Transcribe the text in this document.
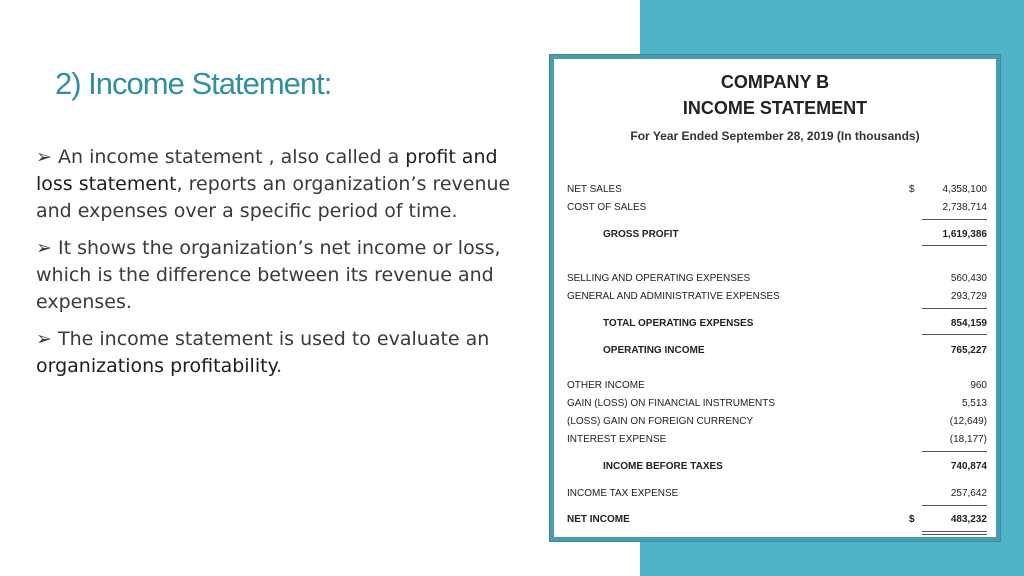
2) Income Statement:
➢ An income statement , also called a profit and loss statement, reports an organization’s revenue and expenses over a specific period of time.
➢ It shows the organization’s net income or loss, which is the difference between its revenue and expenses.
➢ The income statement is used to evaluate an organizations profitability.
COMPANY B
INCOME STATEMENT
For Year Ended September 28, 2019 (In thousands)
NET SALES	$	4,358,100
COST OF SALES	2,738,714
GROSS PROFIT	1,619,386
SELLING AND OPERATING EXPENSES	560,430
GENERAL AND ADMINISTRATIVE EXPENSES	293,729
TOTAL OPERATING EXPENSES	854,159
OPERATING INCOME	765,227
OTHER INCOME	960
GAIN (LOSS) ON FINANCIAL INSTRUMENTS	5,513
(LOSS) GAIN ON FOREIGN CURRENCY	(12,649)
INTEREST EXPENSE	(18,177)
INCOME BEFORE TAXES	740,874
INCOME TAX EXPENSE	257,642
NET INCOME	$	483,232
